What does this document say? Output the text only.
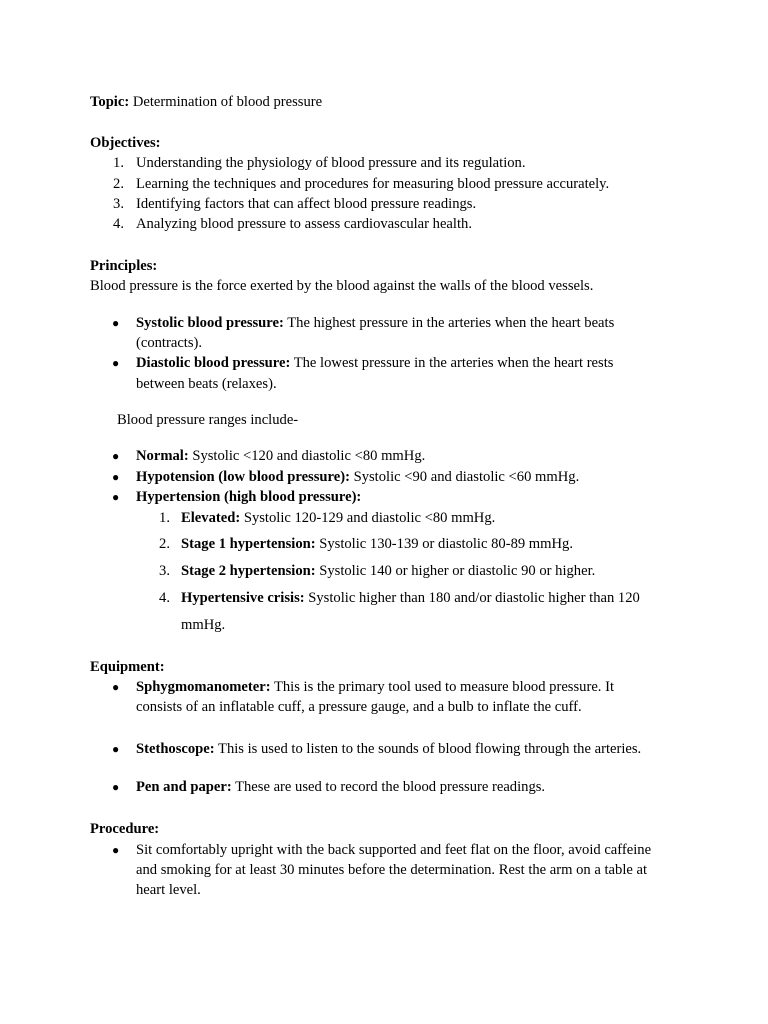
Topic: Determination of blood pressure
Objectives:
1. Understanding the physiology of blood pressure and its regulation.
2. Learning the techniques and procedures for measuring blood pressure accurately.
3. Identifying factors that can affect blood pressure readings.
4. Analyzing blood pressure to assess cardiovascular health.
Principles:
Blood pressure is the force exerted by the blood against the walls of the blood vessels.
●	Systolic blood pressure: The highest pressure in the arteries when the heart beats
(contracts).
●	Diastolic blood pressure: The lowest pressure in the arteries when the heart rests
between beats (relaxes).
Blood pressure ranges include-
●	Normal: Systolic <120 and diastolic <80 mmHg.
●	Hypotension (low blood pressure): Systolic <90 and diastolic <60 mmHg.
●	Hypertension (high blood pressure):
1. Elevated: Systolic 120-129 and diastolic <80 mmHg.
2. Stage 1 hypertension: Systolic 130-139 or diastolic 80-89 mmHg.
3. Stage 2 hypertension: Systolic 140 or higher or diastolic 90 or higher.
4. Hypertensive crisis: Systolic higher than 180 and/or diastolic higher than 120
mmHg.
Equipment:
●	Sphygmomanometer: This is the primary tool used to measure blood pressure. It
consists of an inflatable cuff, a pressure gauge, and a bulb to inflate the cuff.
●	Stethoscope: This is used to listen to the sounds of blood flowing through the arteries.
●	Pen and paper: These are used to record the blood pressure readings.
Procedure:
●	Sit comfortably upright with the back supported and feet flat on the floor, avoid caffeine
and smoking for at least 30 minutes before the determination. Rest the arm on a table at
heart level.
